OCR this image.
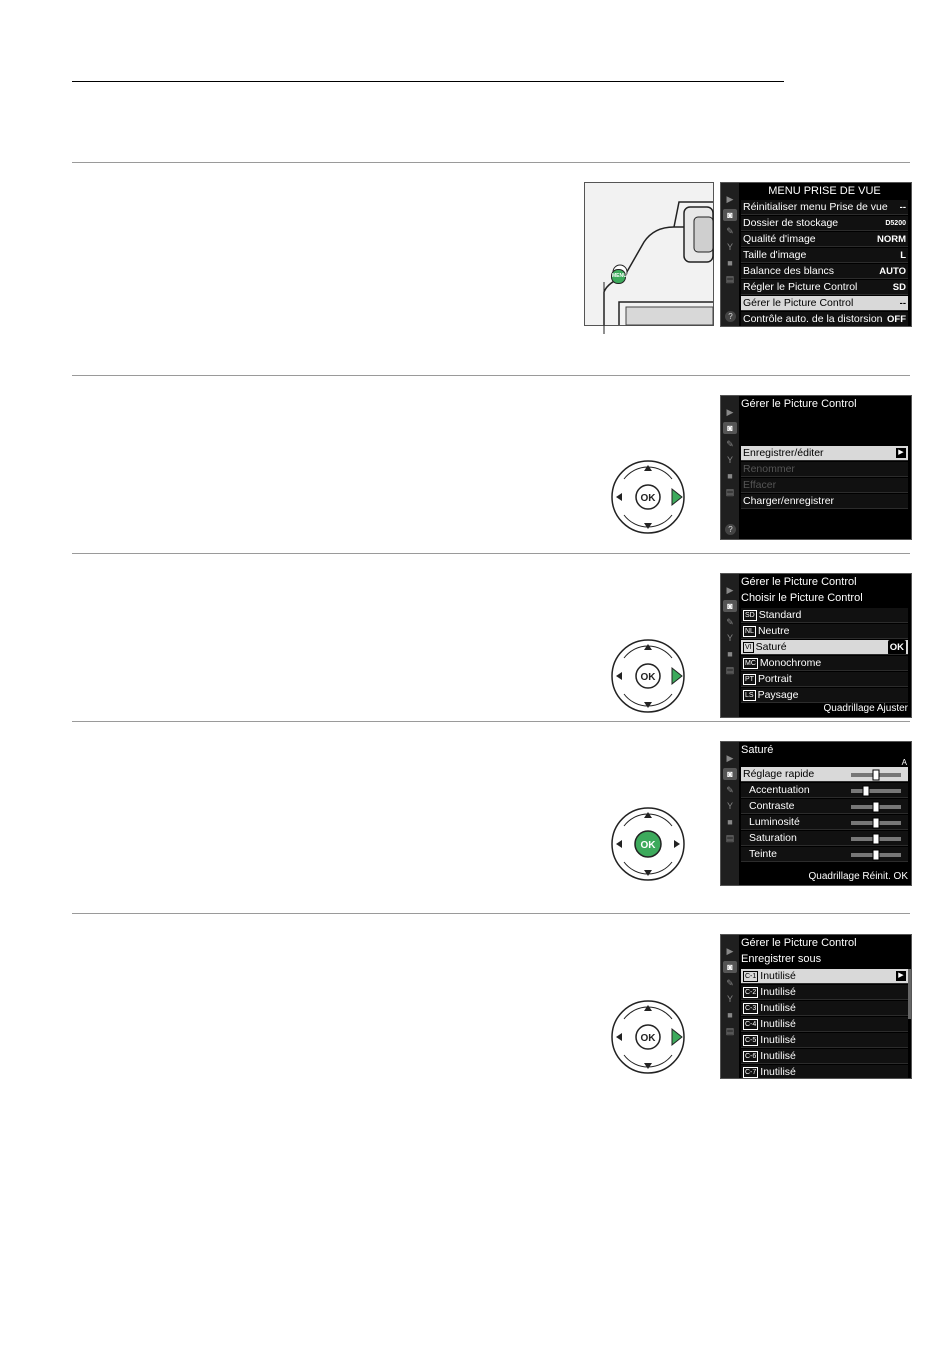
MENU
▶
◙
✎
Y
■
▤
?
MENU PRISE DE VUE
Réinitialiser menu Prise de vue --
Dossier de stockage	D5200
Qualité d'image	NORM
Taille d'image	L
Balance des blancs	AUTO
Régler le Picture Control	SD
Gérer le Picture Control	--
Contrôle auto. de la distorsion OFF
OK
▶
◙
✎
Y
■
▤
?
Gérer le Picture Control
Enregistrer/éditer	▶
Renommer
Effacer
Charger/enregistrer
OK
▶
◙
✎
Y
■
▤
Gérer le Picture Control
Choisir le Picture Control
SD Standard
NL Neutre
VI Saturé	OK
MC Monochrome
PT Portrait
LS Paysage
Quadrillage Ajuster
OK
▶
◙
✎
Y
■
▤
Saturé
A
Réglage rapide
Accentuation
Contraste
Luminosité
Saturation
Teinte
Quadrillage Réinit. OK
OK
▶
◙
✎
Y
■
▤
Gérer le Picture Control
Enregistrer sous
C-1 Inutilisé	▶
C-2 Inutilisé
C-3 Inutilisé
C-4 Inutilisé
C-5 Inutilisé
C-6 Inutilisé
C-7 Inutilisé
